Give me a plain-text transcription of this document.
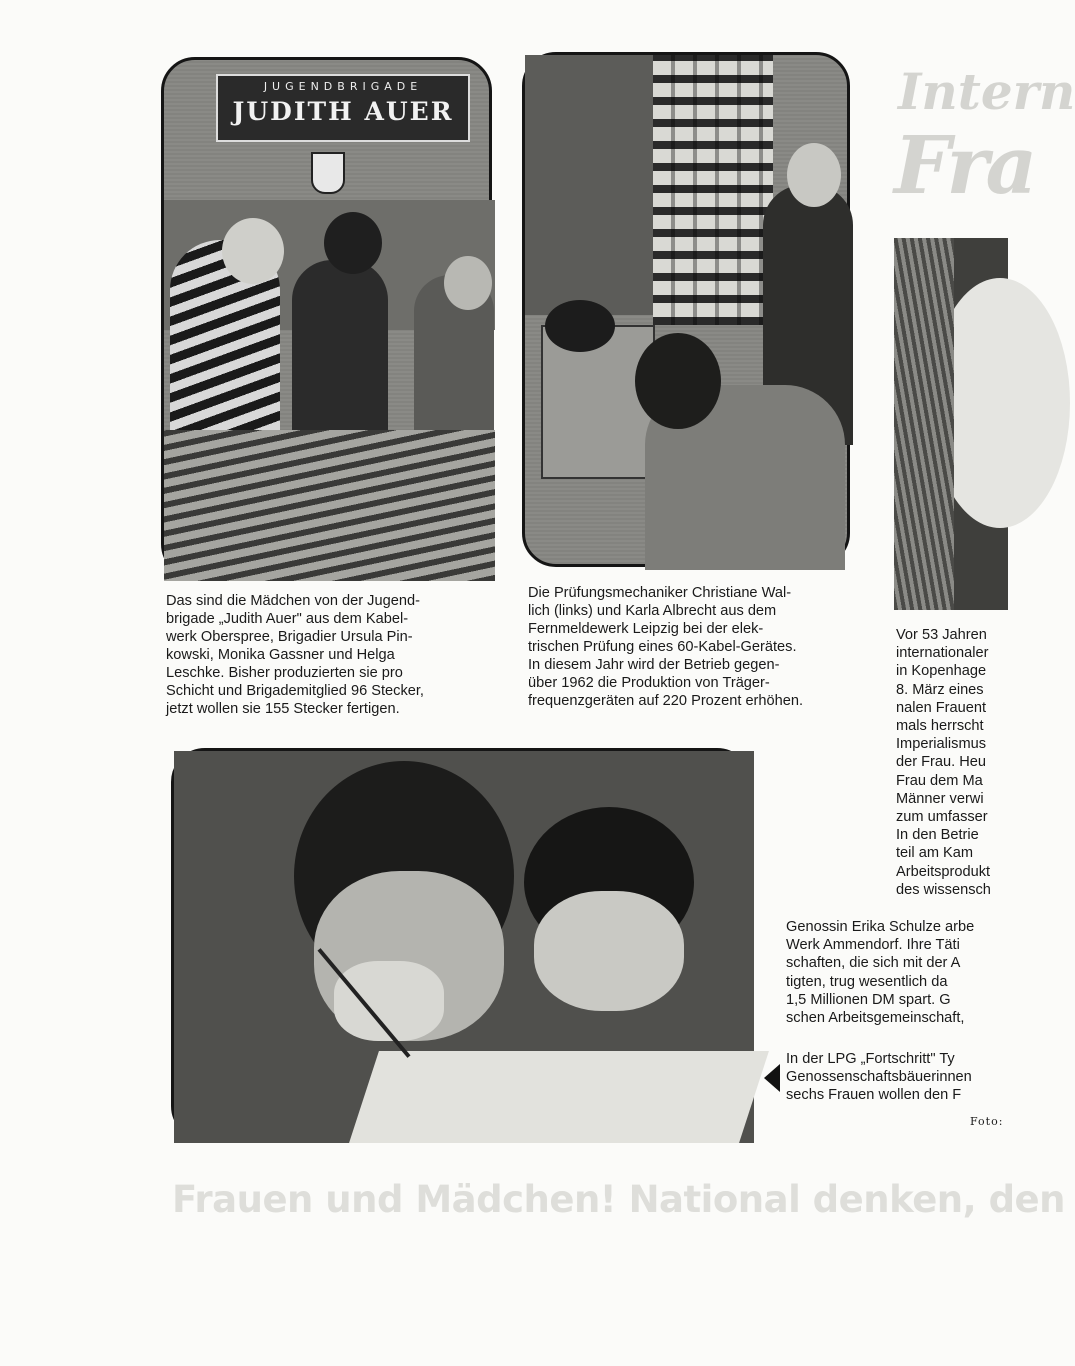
JUGENDBRIGADE
JUDITH AUER
Das sind die Mädchen von der Jugend-
brigade „Judith Auer" aus dem Kabel-
werk Oberspree, Brigadier Ursula Pin-
kowski, Monika Gassner und Helga
Leschke. Bisher produzierten sie pro
Schicht und Brigademitglied 96 Stecker,
jetzt wollen sie 155 Stecker fertigen.
Die Prüfungsmechaniker Christiane Wal-
lich (links) und Karla Albrecht aus dem
Fernmeldewerk Leipzig bei der elek-
trischen Prüfung eines 60-Kabel-Gerätes.
In diesem Jahr wird der Betrieb gegen-
über 1962 die Produktion von Träger-
frequenzgeräten auf 220 Prozent erhöhen.
Intern
Fra
Vor 53 Jahren
internationaler
in Kopenhage
8. März eines
nalen Frauent
mals herrscht
Imperialismus
der Frau. Heu
Frau dem Ma
Männer verwi
zum umfasser
In den Betrie
teil am Kam
Arbeitsprodukt
des wissensch
Genossin Erika Schulze arbe
Werk Ammendorf. Ihre Täti
schaften, die sich mit der A
tigten, trug wesentlich da
1,5 Millionen DM spart. G
schen Arbeitsgemeinschaft,
In der LPG „Fortschritt" Ty
Genossenschaftsbäuerinnen
sechs Frauen wollen den F
Foto:
Frauen und Mädchen! National denken, den
